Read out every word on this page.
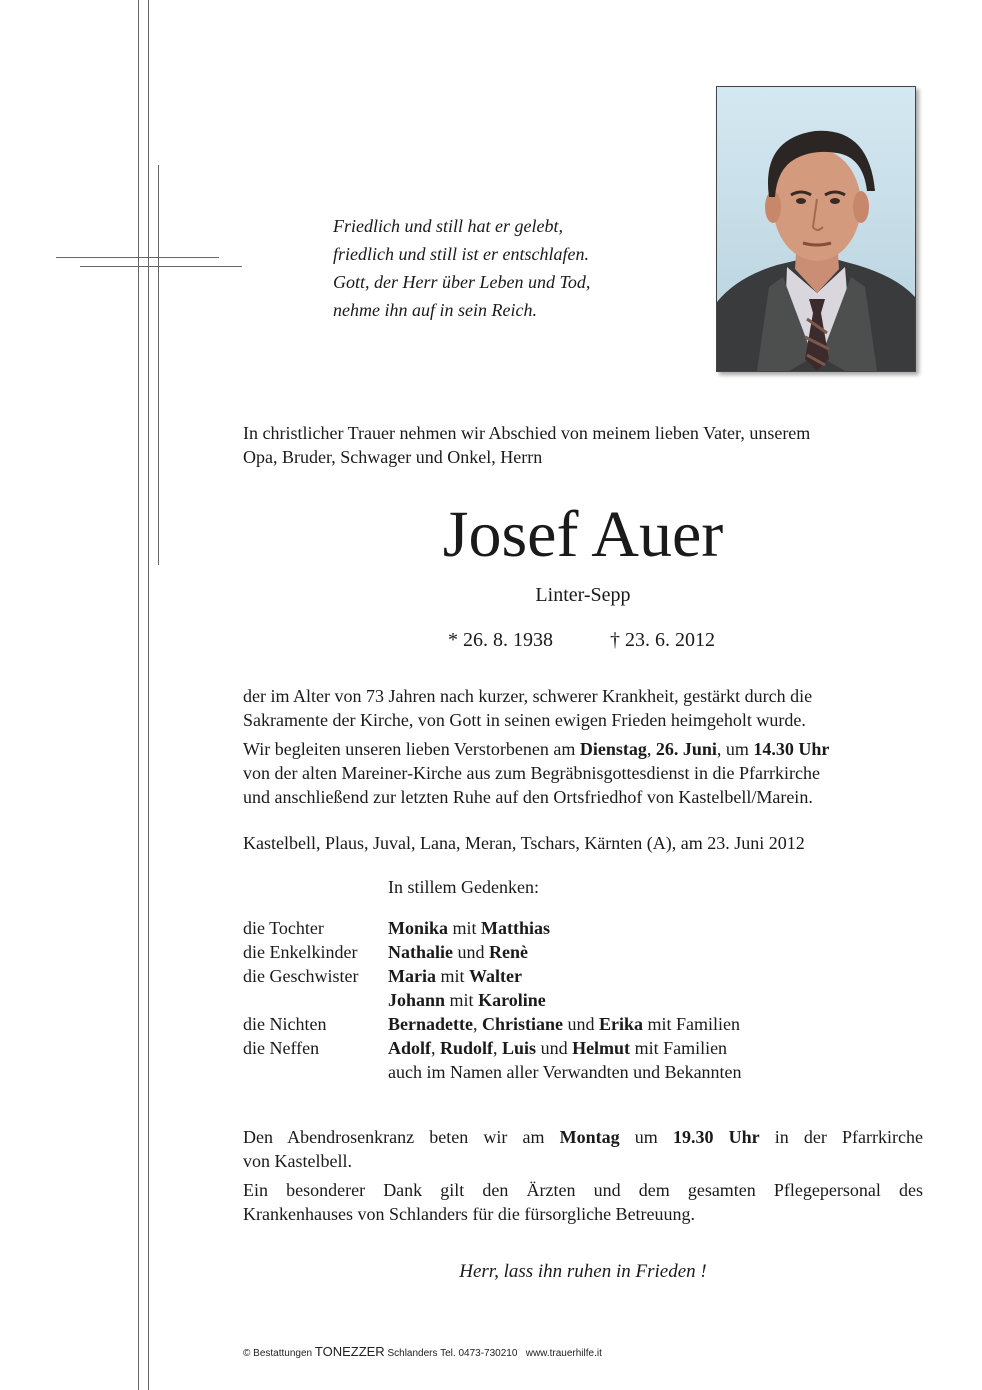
Friedlich und still hat er gelebt,
friedlich und still ist er entschlafen.
Gott, der Herr über Leben und Tod,
nehme ihn auf in sein Reich.
In christlicher Trauer nehmen wir Abschied von meinem lieben Vater, unserem
Opa, Bruder, Schwager und Onkel, Herrn
Josef Auer
Linter-Sepp
* 26. 8. 1938	† 23. 6. 2012
der im Alter von 73 Jahren nach kurzer, schwerer Krankheit, gestärkt durch die
Sakramente der Kirche, von Gott in seinen ewigen Frieden heimgeholt wurde.
Wir begleiten unseren lieben Verstorbenen am Dienstag, 26. Juni, um 14.30 Uhr
von der alten Mareiner-Kirche aus zum Begräbnisgottesdienst in die Pfarrkirche
und anschließend zur letzten Ruhe auf den Ortsfriedhof von Kastelbell/Marein.
Kastelbell, Plaus, Juval, Lana, Meran, Tschars, Kärnten (A), am 23. Juni 2012
In stillem Gedenken:
die Tochter	Monika mit Matthias
die Enkelkinder Nathalie und Renè
die Geschwister Maria mit Walter
Johann mit Karoline
die Nichten	Bernadette, Christiane und Erika mit Familien
die Neffen	Adolf, Rudolf, Luis und Helmut mit Familien
auch im Namen aller Verwandten und Bekannten
Den Abendrosenkranz beten wir am Montag um 19.30 Uhr in der Pfarrkirche
von Kastelbell.
Ein besonderer Dank gilt den Ärzten und dem gesamten Pflegepersonal des
Krankenhauses von Schlanders für die fürsorgliche Betreuung.
Herr, lass ihn ruhen in Frieden !
© Bestattungen TONEZZER Schlanders Tel. 0473-730210   www.trauerhilfe.it
